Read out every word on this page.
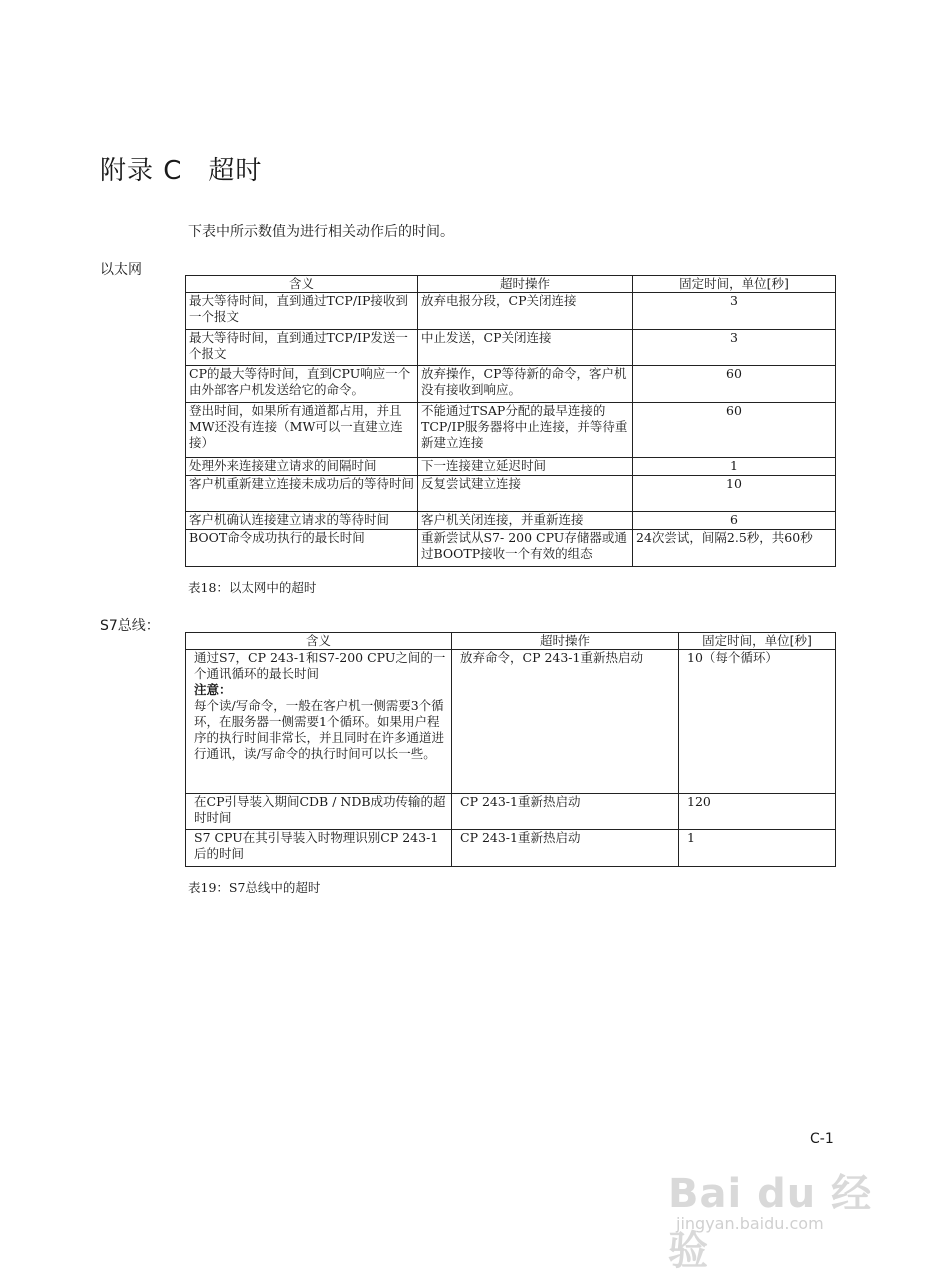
附录 C 超时
下表中所示数值为进行相关动作后的时间。
以太网
含义	超时操作	固定时间，单位[秒]
最大等待时间，直到通过TCP/IP接收到一个报文	放弃电报分段，CP关闭连接	3
最大等待时间，直到通过TCP/IP发送一个报文	中止发送，CP关闭连接	3
CP的最大等待时间，直到CPU响应一个由外部客户机发送给它的命令。	放弃操作，CP等待新的命令，客户机没有接收到响应。	60
登出时间，如果所有通道都占用，并且MW还没有连接（MW可以一直建立连接）	不能通过TSAP分配的最早连接的TCP/IP服务器将中止连接，并等待重新建立连接	60
处理外来连接建立请求的间隔时间	下一连接建立延迟时间	1
客户机重新建立连接未成功后的等待时间	反复尝试建立连接	10
客户机确认连接建立请求的等待时间	客户机关闭连接，并重新连接	6
BOOT命令成功执行的最长时间	重新尝试从S7- 200 CPU存储器或通过BOOTP接收一个有效的组态	24次尝试，间隔2.5秒，共60秒
表18：以太网中的超时
S7总线：
含义	超时操作	固定时间，单位[秒]
通过S7，CP 243-1和S7-200 CPU之间的一个通讯循环的最长时间
注意：
每个读/写命令，一般在客户机一侧需要3个循环，在服务器一侧需要1个循环。如果用户程序的执行时间非常长，并且同时在许多通道进行通讯，读/写命令的执行时间可以长一些。	放弃命令，CP 243-1重新热启动	10（每个循环）
在CP引导装入期间CDB / NDB成功传输的超时时间	CP 243-1重新热启动	120
S7 CPU在其引导装入时物理识别CP 243-1后的时间	CP 243-1重新热启动	1
表19：S7总线中的超时
C-1
Bai du 经验
jingyan.baidu.com
